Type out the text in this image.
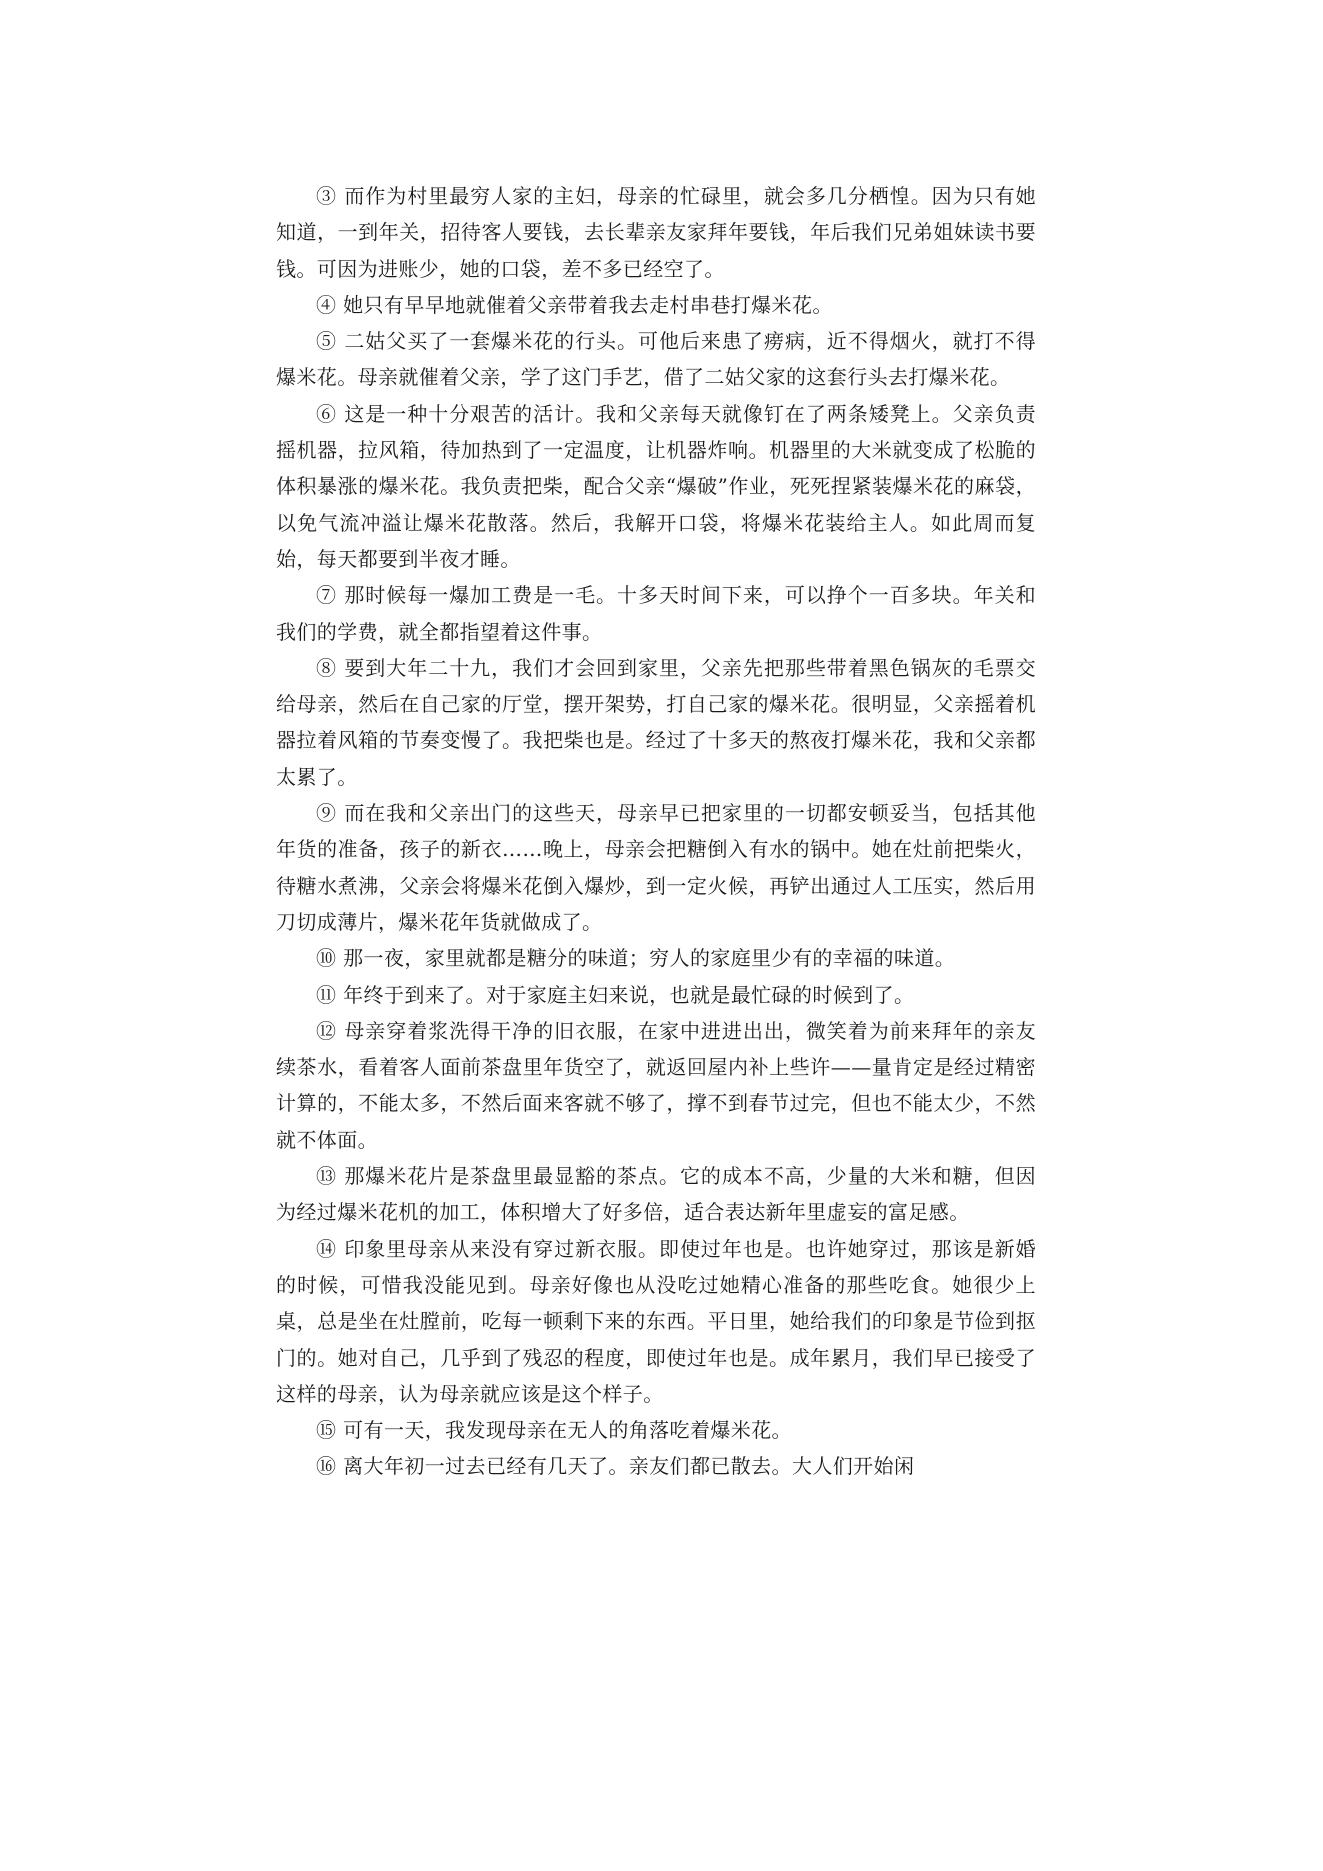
③ 而作为村里最穷人家的主妇，母亲的忙碌里，就会多几分栖惶。因为只有她知道，一到年关，招待客人要钱，去长辈亲友家拜年要钱，年后我们兄弟姐妹读书要钱。可因为进账少，她的口袋，差不多已经空了。

④ 她只有早早地就催着父亲带着我去走村串巷打爆米花。

⑤ 二姑父买了一套爆米花的行头。可他后来患了痨病，近不得烟火，就打不得爆米花。母亲就催着父亲，学了这门手艺，借了二姑父家的这套行头去打爆米花。

⑥ 这是一种十分艰苦的活计。我和父亲每天就像钉在了两条矮凳上。父亲负责摇机器，拉风箱，待加热到了一定温度，让机器炸响。机器里的大米就变成了松脆的体积暴涨的爆米花。我负责把柴，配合父亲“爆破”作业，死死捏紧装爆米花的麻袋，以免气流冲溢让爆米花散落。然后，我解开口袋，将爆米花装给主人。如此周而复始，每天都要到半夜才睡。

⑦ 那时候每一爆加工费是一毛。十多天时间下来，可以挣个一百多块。年关和我们的学费，就全都指望着这件事。

⑧ 要到大年二十九，我们才会回到家里，父亲先把那些带着黑色锅灰的毛票交给母亲，然后在自己家的厅堂，摆开架势，打自己家的爆米花。很明显，父亲摇着机器拉着风箱的节奏变慢了。我把柴也是。经过了十多天的熬夜打爆米花，我和父亲都太累了。

⑨ 而在我和父亲出门的这些天，母亲早已把家里的一切都安顿妥当，包括其他年货的准备，孩子的新衣……晚上，母亲会把糖倒入有水的锅中。她在灶前把柴火，待糖水煮沸，父亲会将爆米花倒入爆炒，到一定火候，再铲出通过人工压实，然后用刀切成薄片，爆米花年货就做成了。

⑩ 那一夜，家里就都是糖分的味道；穷人的家庭里少有的幸福的味道。

⑪ 年终于到来了。对于家庭主妇来说，也就是最忙碌的时候到了。

⑫ 母亲穿着浆洗得干净的旧衣服，在家中进进出出，微笑着为前来拜年的亲友续茶水，看着客人面前茶盘里年货空了，就返回屋内补上些许——量肯定是经过精密计算的，不能太多，不然后面来客就不够了，撑不到春节过完，但也不能太少，不然就不体面。

⑬ 那爆米花片是茶盘里最显豁的茶点。它的成本不高，少量的大米和糖，但因为经过爆米花机的加工，体积增大了好多倍，适合表达新年里虚妄的富足感。

⑭ 印象里母亲从来没有穿过新衣服。即使过年也是。也许她穿过，那该是新婚的时候，可惜我没能见到。母亲好像也从没吃过她精心准备的那些吃食。她很少上桌，总是坐在灶膛前，吃每一顿剩下来的东西。平日里，她给我们的印象是节俭到抠门的。她对自己，几乎到了残忍的程度，即使过年也是。成年累月，我们早已接受了这样的母亲，认为母亲就应该是这个样子。

⑮ 可有一天，我发现母亲在无人的角落吃着爆米花。

⑯ 离大年初一过去已经有几天了。亲友们都已散去。大人们开始闲
